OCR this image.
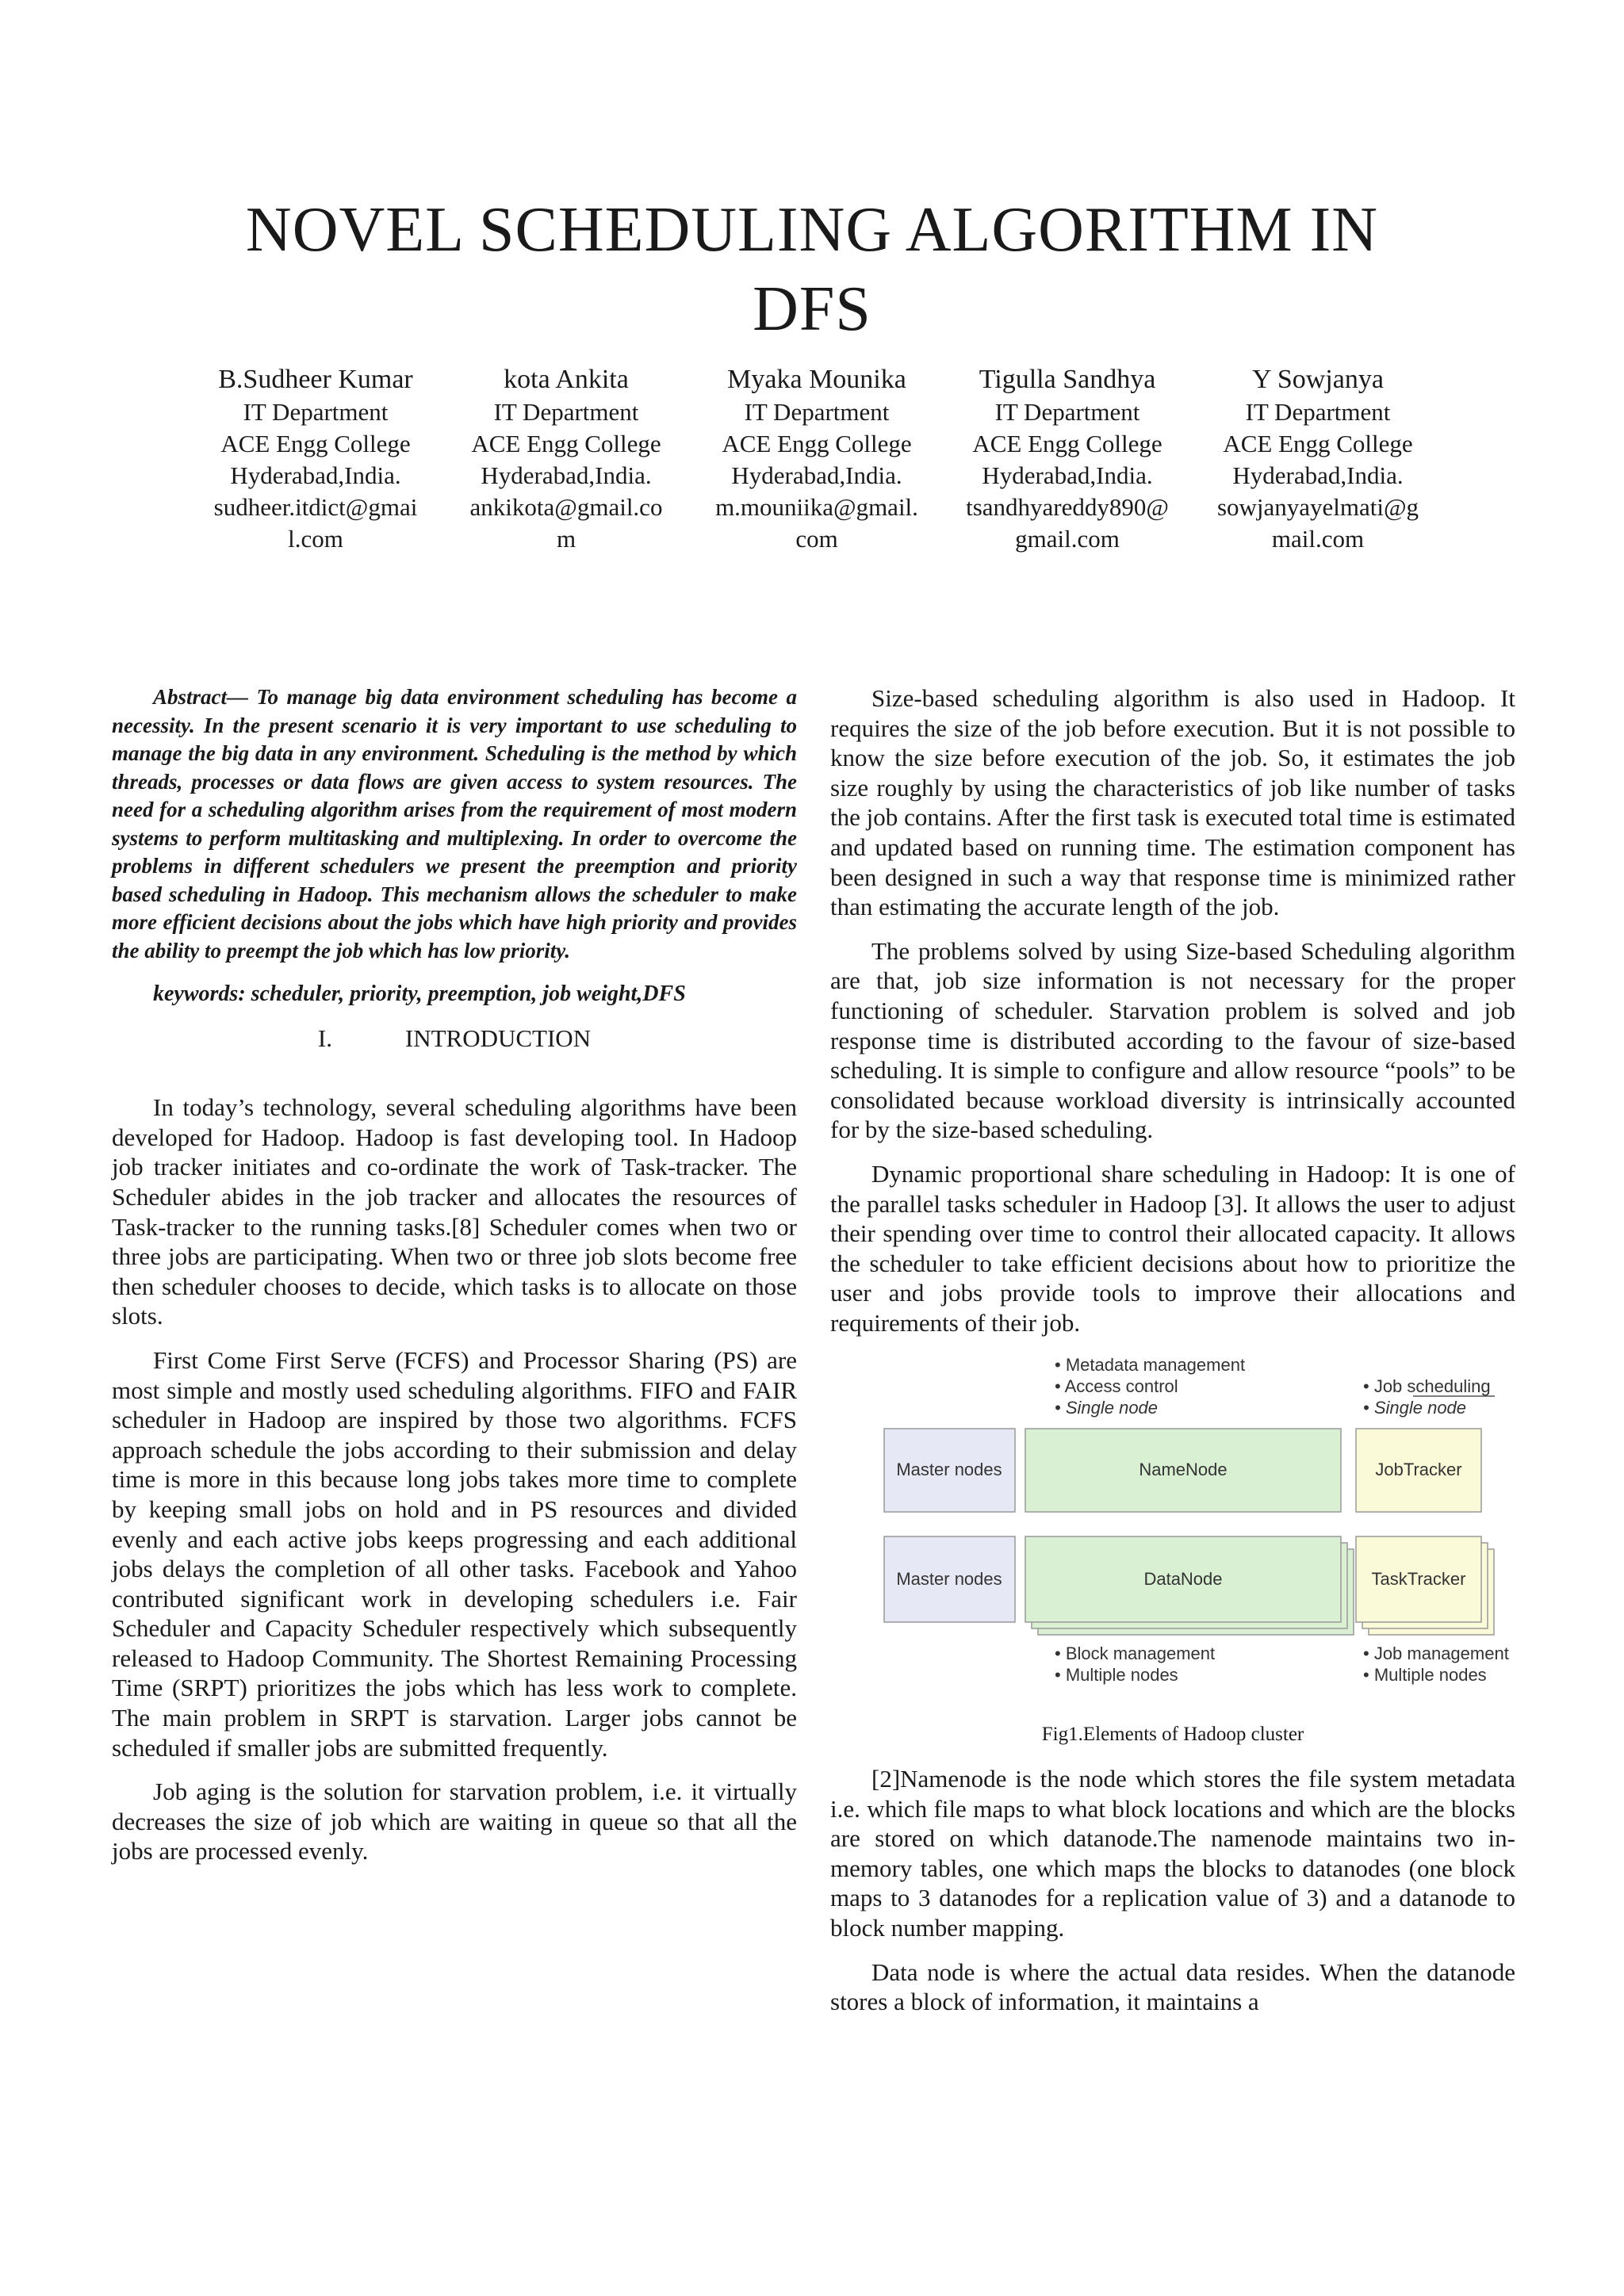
NOVEL SCHEDULING ALGORITHM IN
DFS
B.Sudheer Kumar
IT Department
ACE Engg College
Hyderabad,India.
sudheer.itdict@gmai
l.com
kota Ankita
IT Department
ACE Engg College
Hyderabad,India.
ankikota@gmail.co
m
Myaka Mounika
IT Department
ACE Engg College
Hyderabad,India.
m.mouniika@gmail.
com
Tigulla Sandhya
IT Department
ACE Engg College
Hyderabad,India.
tsandhyareddy890@
gmail.com
Y Sowjanya
IT Department
ACE Engg College
Hyderabad,India.
sowjanyayelmati@g
mail.com

Abstract— To manage big data environment scheduling has become a necessity. In the present scenario it is very important to use scheduling to manage the big data in any environment. Scheduling is the method by which threads, processes or data flows are given access to system resources. The need for a scheduling algorithm arises from the requirement of most modern systems to perform multitasking and multiplexing. In order to overcome the problems in different schedulers we present the preemption and priority based scheduling in Hadoop. This mechanism allows the scheduler to make more efficient decisions about the jobs which have high priority and provides the ability to preempt the job which has low priority.

keywords: scheduler, priority, preemption, job weight,DFS

I.	INTRODUCTION

In today’s technology, several scheduling algorithms have been developed for Hadoop. Hadoop is fast developing tool. In Hadoop job tracker initiates and co-ordinate the work of Task-tracker. The Scheduler abides in the job tracker and allocates the resources of Task-tracker to the running tasks.[8] Scheduler comes when two or three jobs are participating. When two or three job slots become free then scheduler chooses to decide, which tasks is to allocate on those slots.

First Come First Serve (FCFS) and Processor Sharing (PS) are most simple and mostly used scheduling algorithms. FIFO and FAIR scheduler in Hadoop are inspired by those two algorithms. FCFS approach schedule the jobs according to their submission and delay time is more in this because long jobs takes more time to complete by keeping small jobs on hold and in PS resources and divided evenly and each active jobs keeps progressing and each additional jobs delays the completion of all other tasks. Facebook and Yahoo contributed significant work in developing schedulers i.e. Fair Scheduler and Capacity Scheduler respectively which subsequently released to Hadoop Community. The Shortest Remaining Processing Time (SRPT) prioritizes the jobs which has less work to complete. The main problem in SRPT is starvation. Larger jobs cannot be scheduled if smaller jobs are submitted frequently.

Job aging is the solution for starvation problem, i.e. it virtually decreases the size of job which are waiting in queue so that all the jobs are processed evenly.

Size-based scheduling algorithm is also used in Hadoop. It requires the size of the job before execution. But it is not possible to know the size before execution of the job. So, it estimates the job size roughly by using the characteristics of job like number of tasks the job contains. After the first task is executed total time is estimated and updated based on running time. The estimation component has been designed in such a way that response time is minimized rather than estimating the accurate length of the job.

The problems solved by using Size-based Scheduling algorithm are that, job size information is not necessary for the proper functioning of scheduler. Starvation problem is solved and job response time is distributed according to the favour of size-based scheduling. It is simple to configure and allow resource “pools” to be consolidated because workload diversity is intrinsically accounted for by the size-based scheduling.

Dynamic proportional share scheduling in Hadoop: It is one of the parallel tasks scheduler in Hadoop [3]. It allows the user to adjust their spending over time to control their allocated capacity. It allows the scheduler to take efficient decisions about how to prioritize the user and jobs provide tools to improve their allocations and requirements of their job.

• Metadata management
• Access control
• Single node
• Job scheduling
• Single node
Master nodes	NameNode	JobTracker
Master nodes	DataNode	TaskTracker
• Block management
• Multiple nodes
• Job management
• Multiple nodes

Fig1.Elements of Hadoop cluster

[2]Namenode is the node which stores the file system metadata i.e. which file maps to what block locations and which are the blocks are stored on which datanode.The namenode maintains two in-memory tables, one which maps the blocks to datanodes (one block maps to 3 datanodes for a replication value of 3) and a datanode to block number mapping.

Data node is where the actual data resides. When the datanode stores a block of information, it maintains a
